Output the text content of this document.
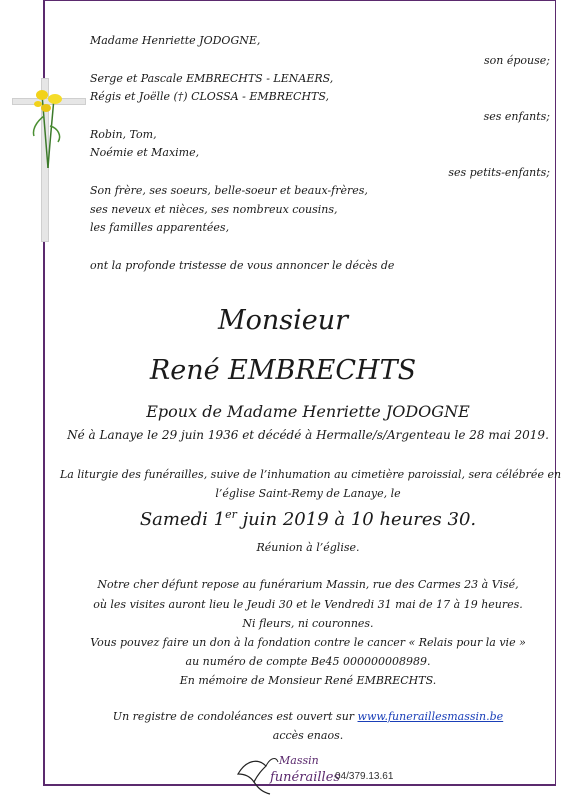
Madame Henriette JODOGNE,
son épouse;
Serge et Pascale EMBRECHTS - LENAERS,
Régis et Joëlle (†) CLOSSA - EMBRECHTS,
ses enfants;
Robin, Tom,
Noémie et Maxime,
ses petits-enfants;
Son frère, ses soeurs, belle-soeur et beaux-frères,
ses neveux et nièces, ses nombreux cousins,
les familles apparentées,
ont la profonde tristesse de vous annoncer le décès de
Monsieur
René EMBRECHTS
Epoux de Madame Henriette JODOGNE
Né à Lanaye le 29 juin 1936 et décédé à Hermalle/s/Argenteau le 28 mai 2019.
La liturgie des funérailles, suive de l’inhumation au cimetière paroissial, sera célébrée en
l’église Saint-Remy de Lanaye, le
Samedi 1er juin 2019 à 10 heures 30.
Réunion à l’église.
Notre cher défunt repose au funérarium Massin, rue des Carmes 23 à Visé,
où les visites auront lieu le Jeudi 30 et le Vendredi 31 mai de 17 à 19 heures.
Ni fleurs, ni couronnes.
Vous pouvez faire un don à la fondation contre le cancer « Relais pour la vie »
au numéro de compte Be45 000000008989.
En mémoire de Monsieur René EMBRECHTS.
Un registre de condoléances est ouvert sur www.funeraillesmassin.be
accès enaos.
Massin
funérailles
04/379.13.61
